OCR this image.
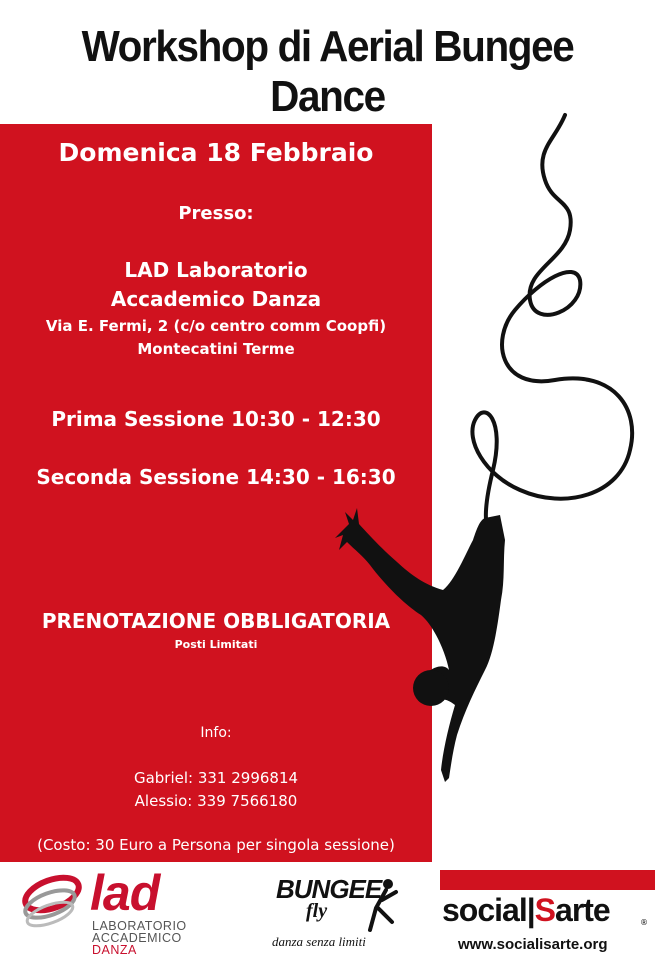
Workshop di Aerial Bungee Dance
Domenica 18 Febbraio
Presso:
LAD Laboratorio
Accademico Danza
Via E. Fermi, 2 (c/o centro comm Coopfi)
Montecatini Terme
Prima Sessione 10:30 - 12:30
Seconda Sessione 14:30 - 16:30
PRENOTAZIONE OBBLIGATORIA
Posti Limitati
Info:
Gabriel: 331 2996814
Alessio: 339 7566180
(Costo: 30 Euro a Persona per singola sessione)
lad
LABORATORIO
ACCADEMICO
DANZA
BUNGEE
fly
danza senza limiti
social|Sarte	®
www.socialisarte.org
